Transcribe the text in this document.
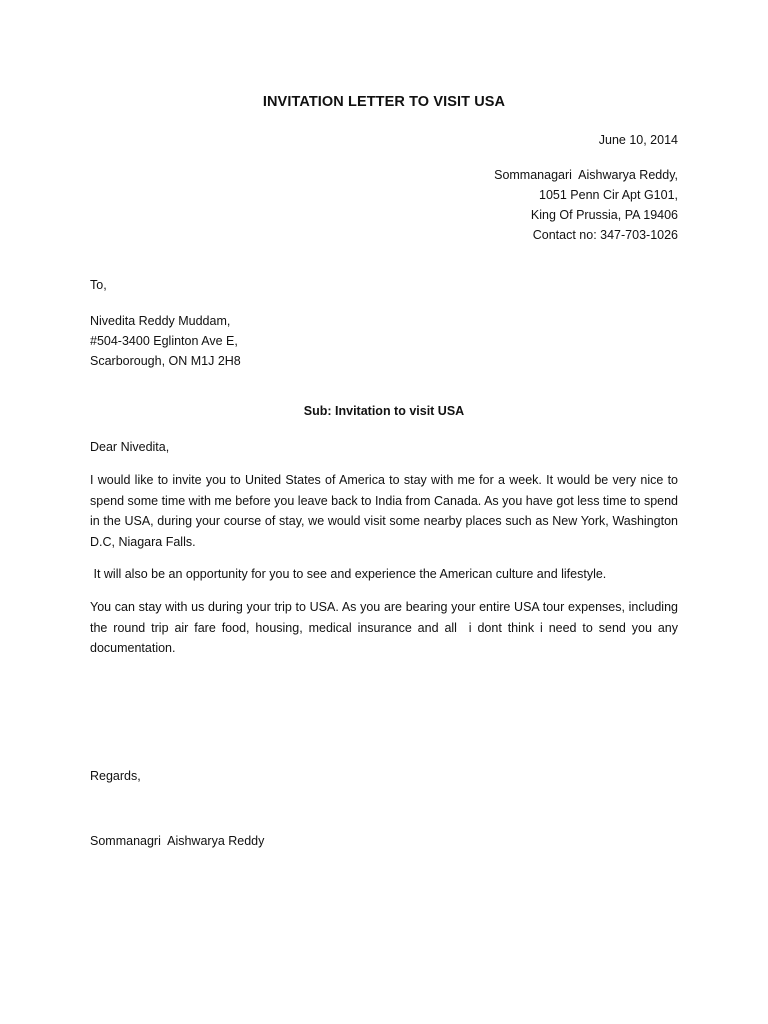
INVITATION LETTER TO VISIT USA
June 10, 2014
Sommanagari  Aishwarya Reddy,
1051 Penn Cir Apt G101,
King Of Prussia, PA 19406
Contact no: 347-703-1026
To,
Nivedita Reddy Muddam,
#504-3400 Eglinton Ave E,
Scarborough, ON M1J 2H8
Sub: Invitation to visit USA
Dear Nivedita,
I would like to invite you to United States of America to stay with me for a week. It would be very nice to spend some time with me before you leave back to India from Canada. As you have got less time to spend in the USA, during your course of stay, we would visit some nearby places such as New York, Washington D.C, Niagara Falls.
It will also be an opportunity for you to see and experience the American culture and lifestyle.
You can stay with us during your trip to USA. As you are bearing your entire USA tour expenses, including the round trip air fare food, housing, medical insurance and all  i dont think i need to send you any documentation.
Regards,
Sommanagri  Aishwarya Reddy
